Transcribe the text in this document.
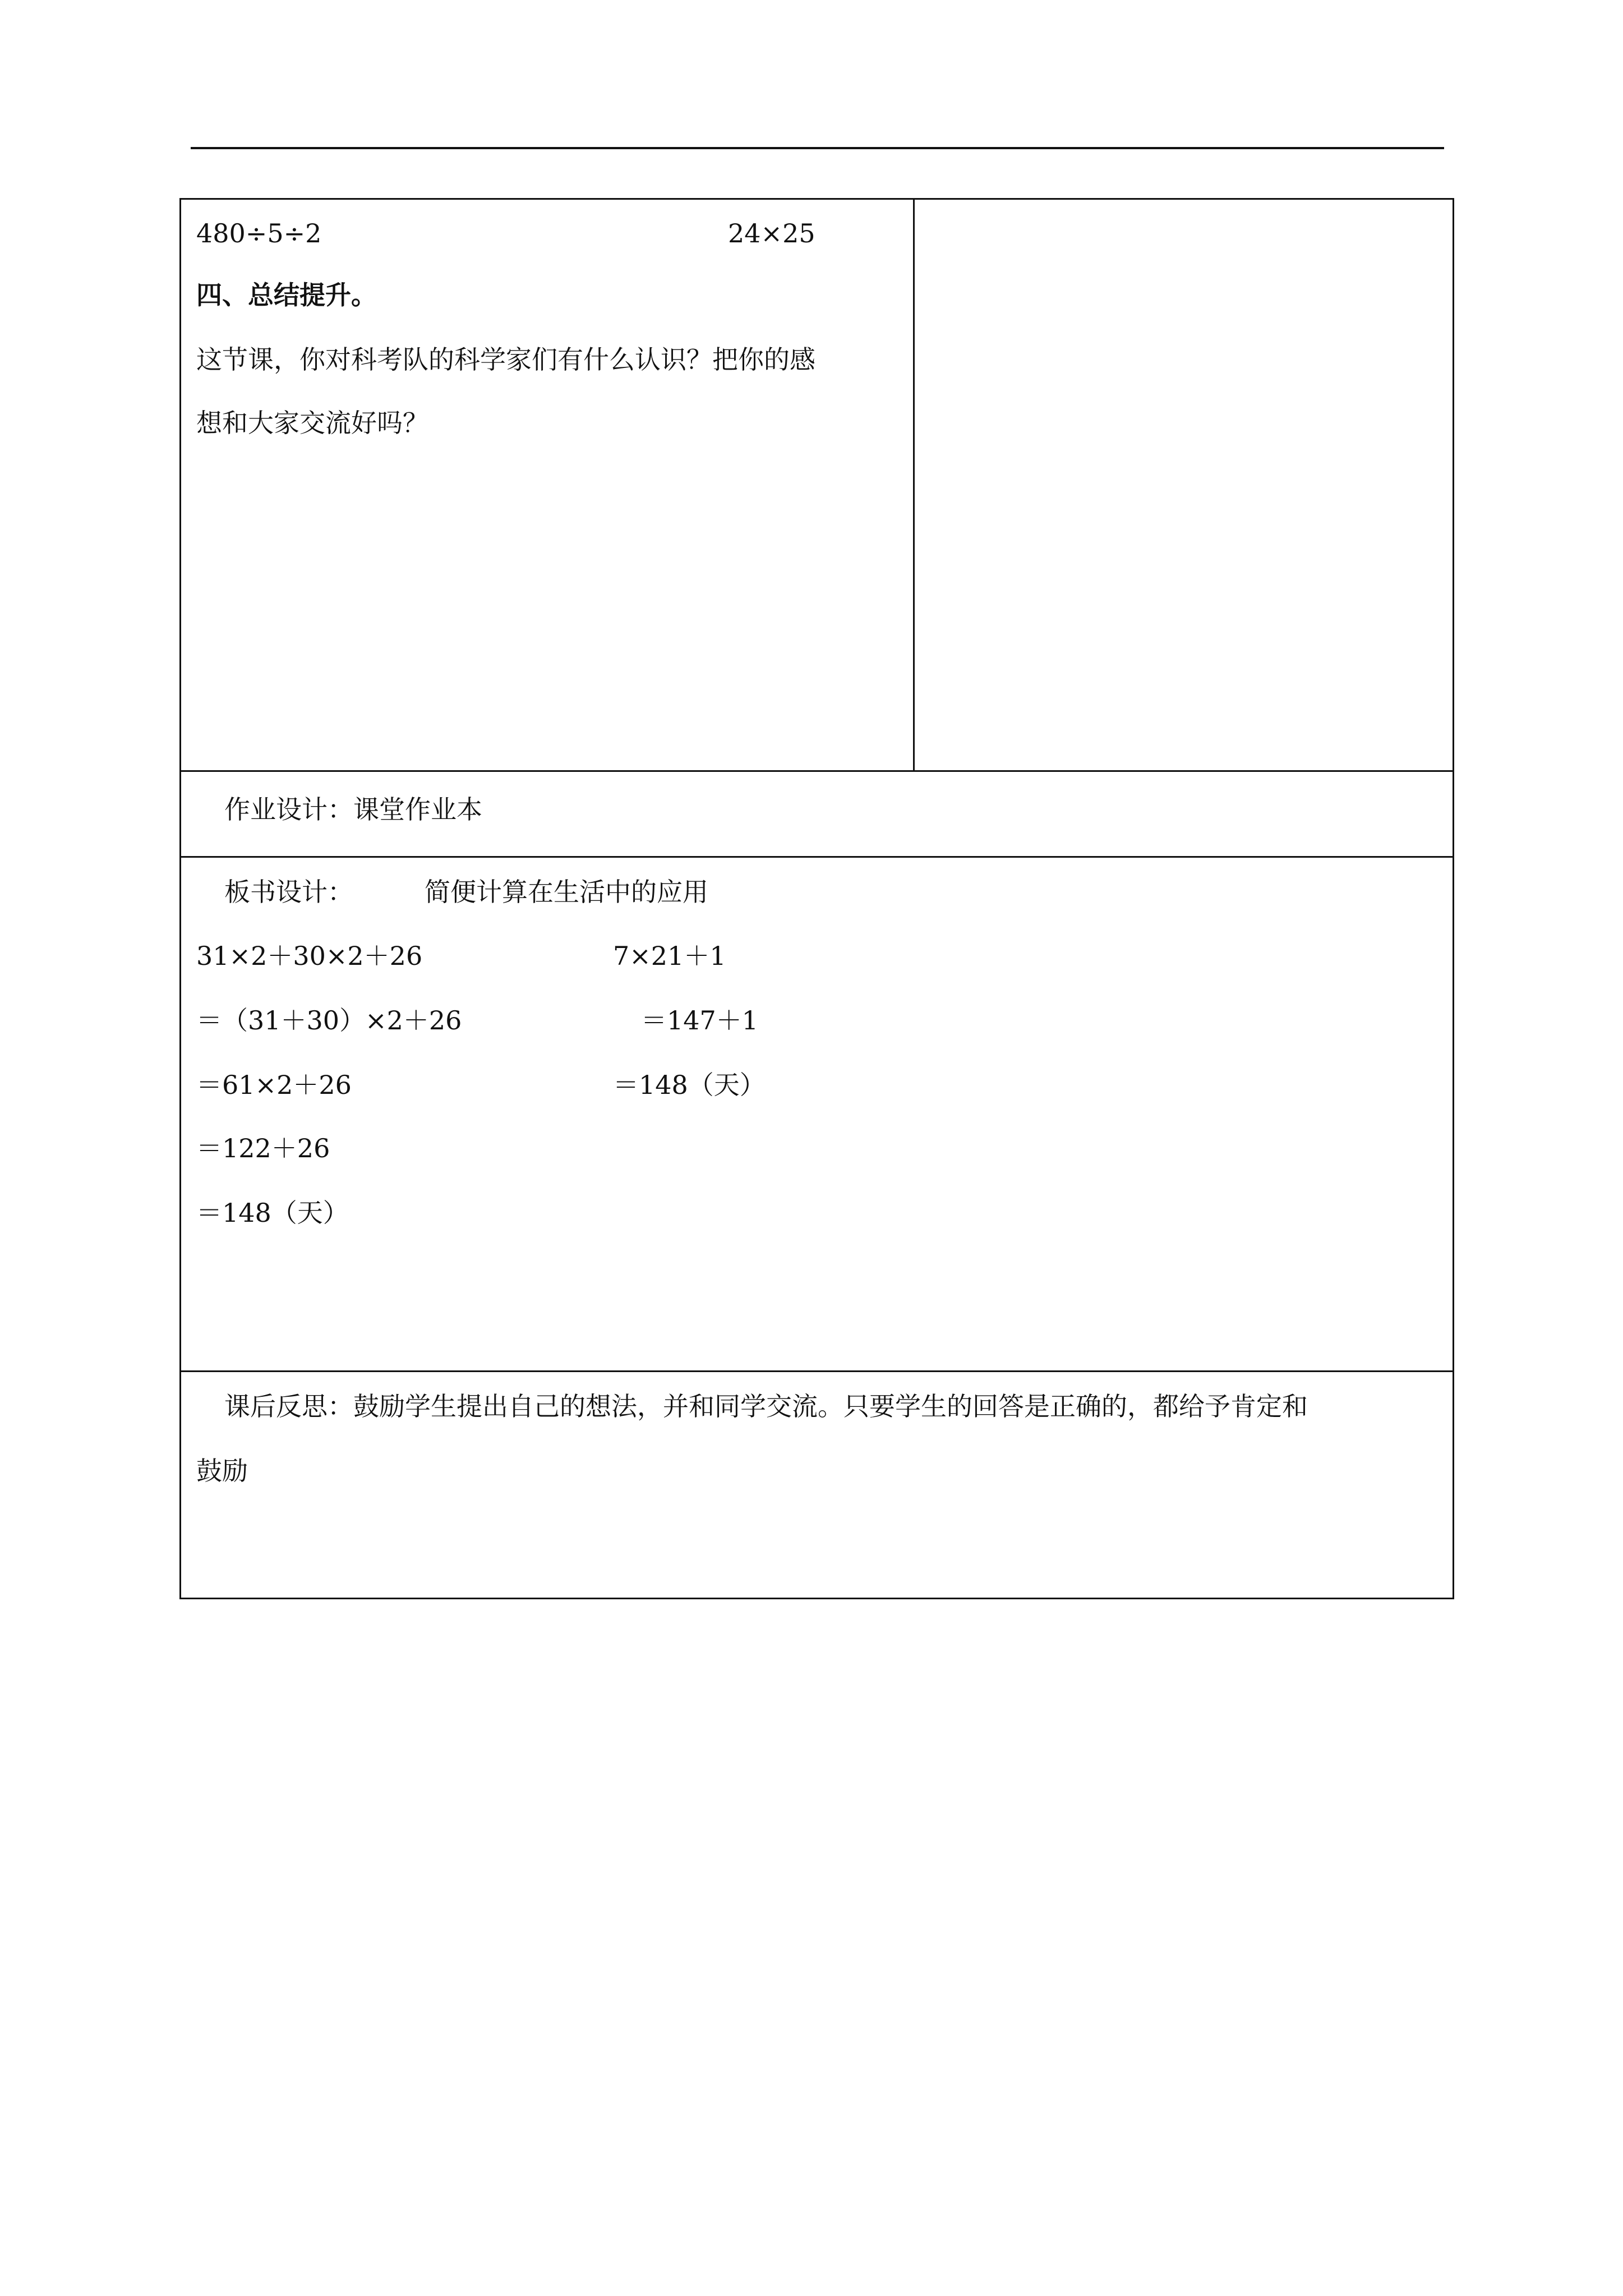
480÷5÷2	24×25
四、总结提升。
这节课，你对科考队的科学家们有什么认识？把你的感
想和大家交流好吗？
作业设计：课堂作业本
板书设计：	简便计算在生活中的应用
31×2＋30×2＋26
＝（31＋30）×2＋26
＝61×2＋26
＝122＋26
＝148（天）
7×21＋1
＝147＋1
＝148（天）
课后反思：鼓励学生提出自己的想法，并和同学交流。只要学生的回答是正确的，都给予肯定和
鼓励
